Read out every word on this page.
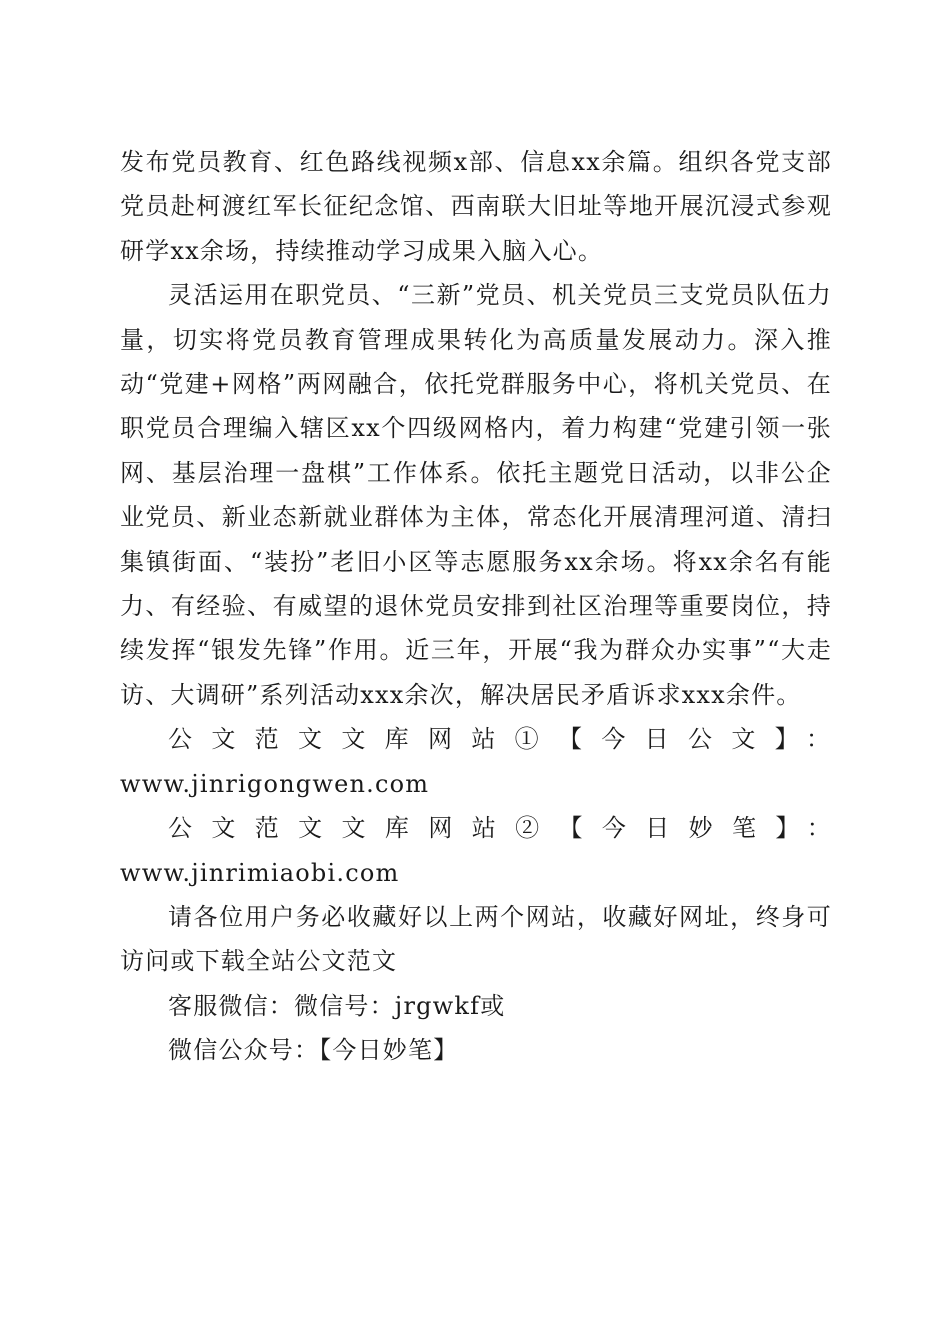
发布党员教育、红色路线视频x部、信息xx余篇。组织各党支部党员赴柯渡红军长征纪念馆、西南联大旧址等地开展沉浸式参观研学xx余场，持续推动学习成果入脑入心。

灵活运用在职党员、“三新”党员、机关党员三支党员队伍力量，切实将党员教育管理成果转化为高质量发展动力。深入推动“党建+网格”两网融合，依托党群服务中心，将机关党员、在职党员合理编入辖区xx个四级网格内，着力构建“党建引领一张网、基层治理一盘棋”工作体系。依托主题党日活动，以非公企业党员、新业态新就业群体为主体，常态化开展清理河道、清扫集镇街面、“装扮”老旧小区等志愿服务xx余场。将xx余名有能力、有经验、有威望的退休党员安排到社区治理等重要岗位，持续发挥“银发先锋”作用。近三年，开展“我为群众办实事”“大走访、大调研”系列活动xxx余次，解决居民矛盾诉求xxx余件。

公文范文文库网站①【今日公文】：

www.jinrigongwen.com

公文范文文库网站②【今日妙笔】：www.jinrimiaobi.com

请各位用户务必收藏好以上两个网站，收藏好网址，终身可访问或下载全站公文范文

客服微信：微信号：jrgwkf或

微信公众号：【今日妙笔】
